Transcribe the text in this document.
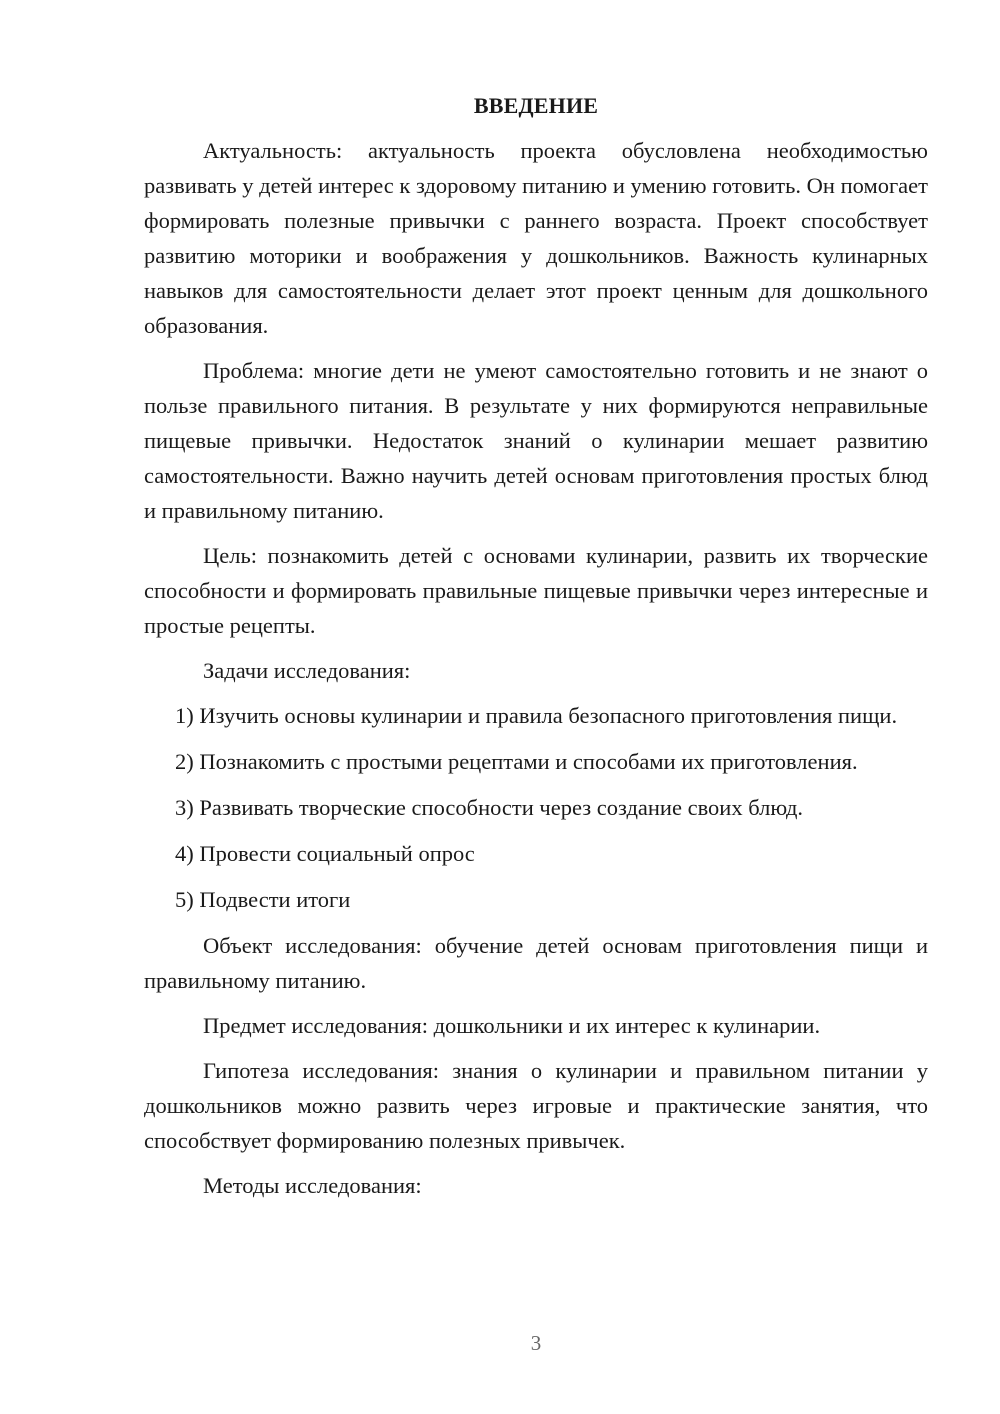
ВВЕДЕНИЕ
Актуальность: актуальность проекта обусловлена необходимостью развивать у детей интерес к здоровому питанию и умению готовить. Он помогает формировать полезные привычки с раннего возраста. Проект способствует развитию моторики и воображения у дошкольников. Важность кулинарных навыков для самостоятельности делает этот проект ценным для дошкольного образования.
Проблема: многие дети не умеют самостоятельно готовить и не знают о пользе правильного питания. В результате у них формируются неправильные пищевые привычки. Недостаток знаний о кулинарии мешает развитию самостоятельности. Важно научить детей основам приготовления простых блюд и правильному питанию.
Цель: познакомить детей с основами кулинарии, развить их творческие способности и формировать правильные пищевые привычки через интересные и простые рецепты.
Задачи исследования:
1) Изучить основы кулинарии и правила безопасного приготовления пищи.
2) Познакомить с простыми рецептами и способами их приготовления.
3) Развивать творческие способности через создание своих блюд.
4) Провести социальный опрос
5) Подвести итоги
Объект исследования: обучение детей основам приготовления пищи и правильному питанию.
Предмет исследования: дошкольники и их интерес к кулинарии.
Гипотеза исследования: знания о кулинарии и правильном питании у дошкольников можно развить через игровые и практические занятия, что способствует формированию полезных привычек.
Методы исследования:
3
